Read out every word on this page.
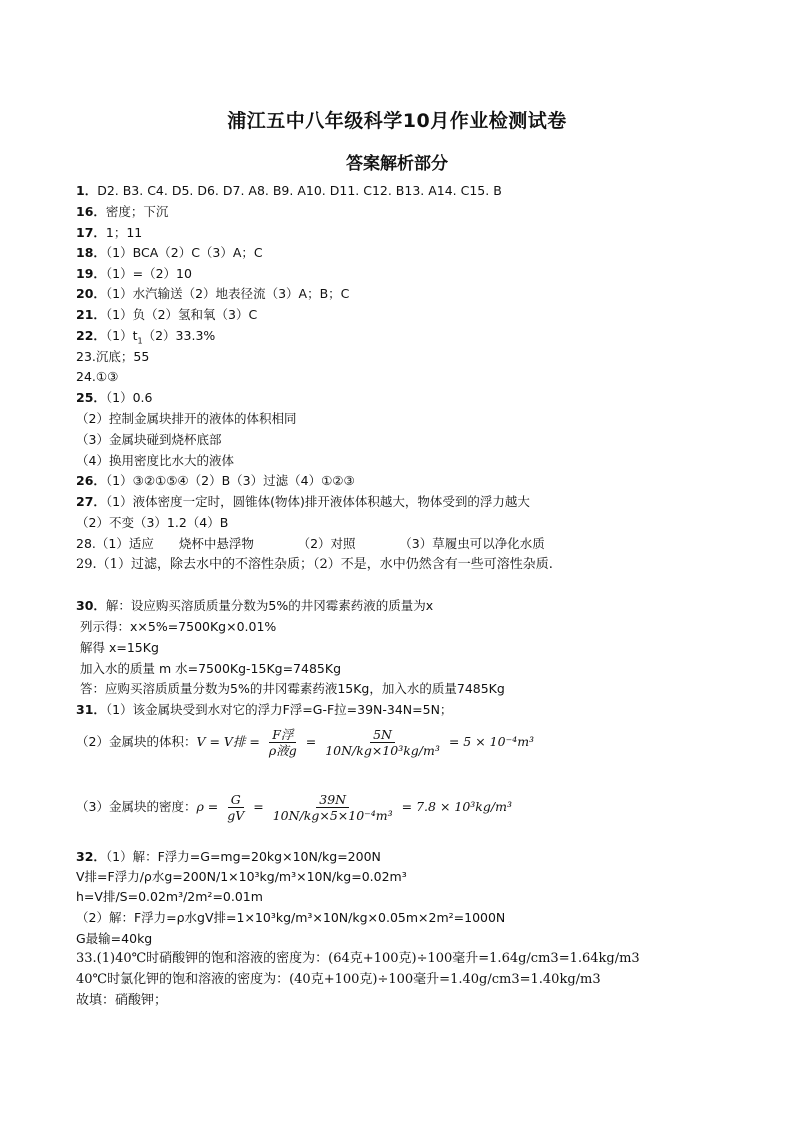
浦江五中八年级科学10月作业检测试卷
答案解析部分
1．D2. B3. C4. D5. D6. D7. A8. B9. A10. D11. C12. B13. A14. C15. B
16．密度；下沉
17．1；11
18．（1）BCA（2）C（3）A；C
19．（1）=（2）10
20．（1）水汽输送（2）地表径流（3）A；B；C
21．（1）负（2）氢和氧（3）C
22．$(1)t_1(2)33.3\%$
23.沉底；55
24.①③
25．（1）0.6
（2）控制金属块排开的液体的体积相同
（3）金属块碰到烧杯底部
（4）换用密度比水大的液体
26．（1）③②①⑤④（2）B（3）过滤（4）①②③
27．（1）液体密度一定时，圆锥体(物体)排开液体体积越大，物体受到的浮力越大
（2）不变（3）1.2（4）B
28.（1）适应　　烧杯中悬浮物　　　　（2）对照　　　　（3）草履虫可以净化水质
29.（1）过滤，除去水中的不溶性杂质；（2）不是，水中仍然含有一些可溶性杂质.
30．解：设应购买溶质质量分数为5%的井冈霉素药液的质量为x
列示得：x×5%=7500Kg×0.01%
解得 x=15Kg
加入水的质量 m 水=7500Kg-15Kg=7485Kg
答：应购买溶质质量分数为5%的井冈霉素药液15Kg，加入水的质量7485Kg
31．（1）该金属块受到水对它的浮力F浮=G-F拉=39N-34N=5N；
（2）金属块的体积：V = V排 = $\frac{\text{F浮}}{\text{ρ液g}} = \frac{5N}{\text{10N/kg×10³kg/m³}} = 5 \times 10^{-4}m^3$
（3）金属块的密度：$\rho = \frac{G}{gV} = \frac{39N}{\text{10N/kg×5×10⁻⁴m³}} = 7.8 \times 10^3kg/m^3$
32．（1）解：F浮力=G=mg=20kg×10N/kg=200N
V排=F浮力/ρ水g=200N/1×10³kg/m³×10N/kg=0.02m³
h=V排/S=0.02m³/2m²=0.01m
（2）解：F浮力=ρ水gV排=1×10³kg/m³×10N/kg×0.05m×2m²=1000N
G最输=40kg
33.(1)40℃时硝酸钾的饱和溶液的密度为：(64克+100克)÷100毫升=1.64g/cm3=1.64kg/m3
40℃时氯化钾的饱和溶液的密度为：(40克+100克)÷100毫升=1.40g/cm3=1.40kg/m3
故填：硝酸钾；
